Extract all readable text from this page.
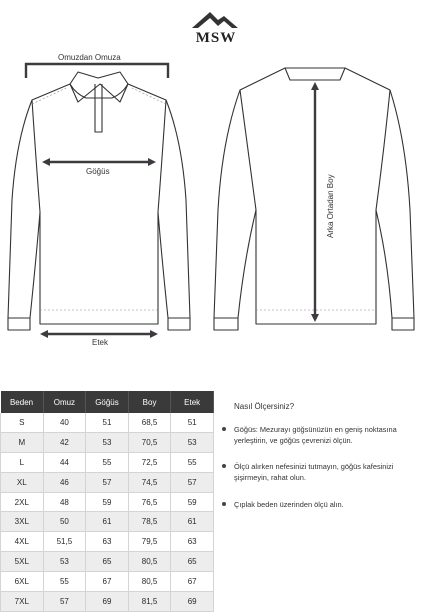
MSW
Omuzdan Omuza
Göğüs
Etek
Arka Ortadan Boy
Beden	Omuz	Göğüs	Boy	Etek
S	40	51	68,5	51
M	42	53	70,5	53
L	44	55	72,5	55
XL	46	57	74,5	57
2XL	48	59	76,5	59
3XL	50	61	78,5	61
4XL	51,5	63	79,5	63
5XL	53	65	80,5	65
6XL	55	67	80,5	67
7XL	57	69	81,5	69
Nasıl Ölçersiniz?
Göğüs: Mezurayı göğsünüzün en geniş noktasına yerleştirin, ve göğüs çevrenizi ölçün.
Ölçü alırken nefesinizi tutmayın, göğüs kafesinizi şişirmeyin, rahat olun.
Çıplak beden üzerinden ölçü alın.
